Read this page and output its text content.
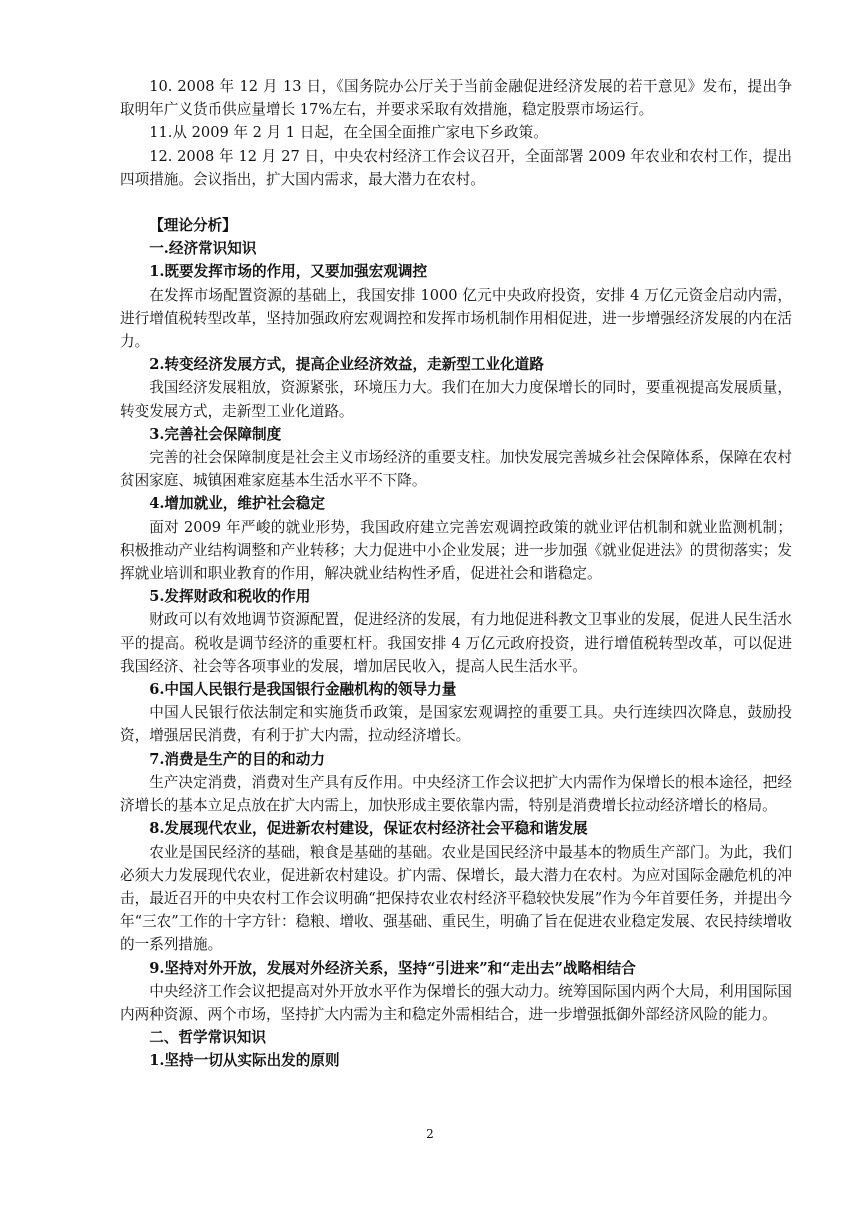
10. 2008 年 12 月 13 日，《国务院办公厅关于当前金融促进经济发展的若干意见》发布，提出争取明年广义货币供应量增长 17%左右，并要求采取有效措施，稳定股票市场运行。

11.从 2009 年 2 月 1 日起，在全国全面推广家电下乡政策。

12. 2008 年 12 月 27 日，中央农村经济工作会议召开，全面部署 2009 年农业和农村工作，提出四项措施。会议指出，扩大国内需求，最大潜力在农村。

【理论分析】

一.经济常识知识

1.既要发挥市场的作用，又要加强宏观调控

在发挥市场配置资源的基础上，我国安排 1000 亿元中央政府投资，安排 4 万亿元资金启动内需，进行增值税转型改革，坚持加强政府宏观调控和发挥市场机制作用相促进，进一步增强经济发展的内在活力。

2.转变经济发展方式，提高企业经济效益，走新型工业化道路

我国经济发展粗放，资源紧张，环境压力大。我们在加大力度保增长的同时，要重视提高发展质量，转变发展方式，走新型工业化道路。

3.完善社会保障制度

完善的社会保障制度是社会主义市场经济的重要支柱。加快发展完善城乡社会保障体系，保障在农村贫困家庭、城镇困难家庭基本生活水平不下降。

4.增加就业，维护社会稳定

面对 2009 年严峻的就业形势，我国政府建立完善宏观调控政策的就业评估机制和就业监测机制；积极推动产业结构调整和产业转移；大力促进中小企业发展；进一步加强《就业促进法》的贯彻落实；发挥就业培训和职业教育的作用，解决就业结构性矛盾，促进社会和谐稳定。

5.发挥财政和税收的作用

财政可以有效地调节资源配置，促进经济的发展，有力地促进科教文卫事业的发展，促进人民生活水平的提高。税收是调节经济的重要杠杆。我国安排 4 万亿元政府投资，进行增值税转型改革，可以促进我国经济、社会等各项事业的发展，增加居民收入，提高人民生活水平。

6.中国人民银行是我国银行金融机构的领导力量

中国人民银行依法制定和实施货币政策，是国家宏观调控的重要工具。央行连续四次降息，鼓励投资，增强居民消费，有利于扩大内需，拉动经济增长。

7.消费是生产的目的和动力

生产决定消费，消费对生产具有反作用。中央经济工作会议把扩大内需作为保增长的根本途径，把经济增长的基本立足点放在扩大内需上，加快形成主要依靠内需，特别是消费增长拉动经济增长的格局。

8.发展现代农业，促进新农村建设，保证农村经济社会平稳和谐发展

农业是国民经济的基础，粮食是基础的基础。农业是国民经济中最基本的物质生产部门。为此，我们必须大力发展现代农业，促进新农村建设。扩内需、保增长，最大潜力在农村。为应对国际金融危机的冲击，最近召开的中央农村工作会议明确“把保持农业农村经济平稳较快发展”作为今年首要任务，并提出今年“三农”工作的十字方针：稳粮、增收、强基础、重民生，明确了旨在促进农业稳定发展、农民持续增收的一系列措施。

9.坚持对外开放，发展对外经济关系，坚持“引进来”和“走出去”战略相结合

中央经济工作会议把提高对外开放水平作为保增长的强大动力。统筹国际国内两个大局，利用国际国内两种资源、两个市场，坚持扩大内需为主和稳定外需相结合，进一步增强抵御外部经济风险的能力。

二、哲学常识知识

1.坚持一切从实际出发的原则

2
